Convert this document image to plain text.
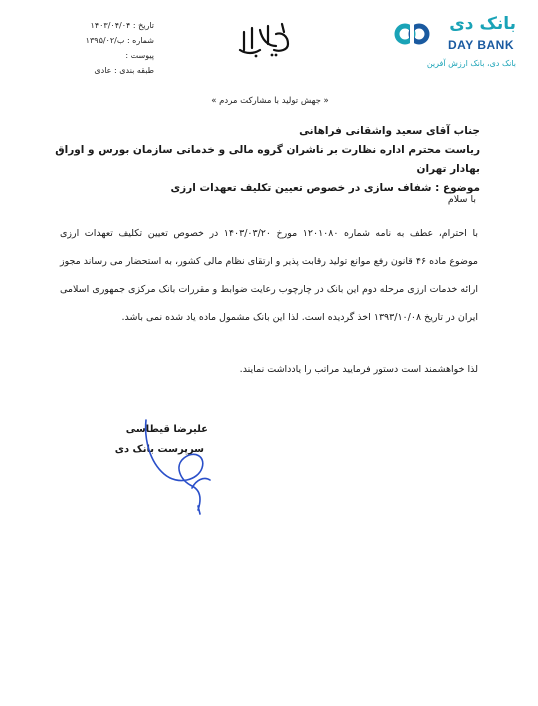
تاریخ : ۱۴۰۳/۰۴/۰۴
شماره : ب/۱۳۹۵/۰۲
پیوست :
طبقه بندی : عادی
بانک دی
DAY BANK
بانک دی، بانک ارزش آفرین
« جهش تولید با مشارکت مردم »
جناب آقای سعید واشقانی فراهانی
ریاست محترم اداره نظارت بر ناشران گروه مالی و خدماتی سازمان بورس و اوراق بهادار تهران
موضوع : شفاف سازی در خصوص تعیین تکلیف تعهدات ارزی
با سلام
با احترام، عطف به نامه شماره ۱۲۰۱۰۸۰ مورخ ۱۴۰۳/۰۳/۲۰ در خصوص تعیین تکلیف تعهدات ارزی
موضوع ماده ۴۶ قانون رفع موانع تولید رقابت پذیر و ارتقای نظام مالی کشور، به استحضار می رساند مجوز
ارائه خدمات ارزی مرحله دوم این بانک در چارچوب رعایت ضوابط و مقررات بانک مرکزی جمهوری اسلامی
ایران در تاریخ ۱۳۹۳/۱۰/۰۸ اخذ گردیده است. لذا این بانک مشمول ماده یاد شده نمی باشد.
لذا خواهشمند است دستور فرمایید مراتب را یادداشت نمایند.
علیرضا قیطاسی
سرپرست بانک دی
